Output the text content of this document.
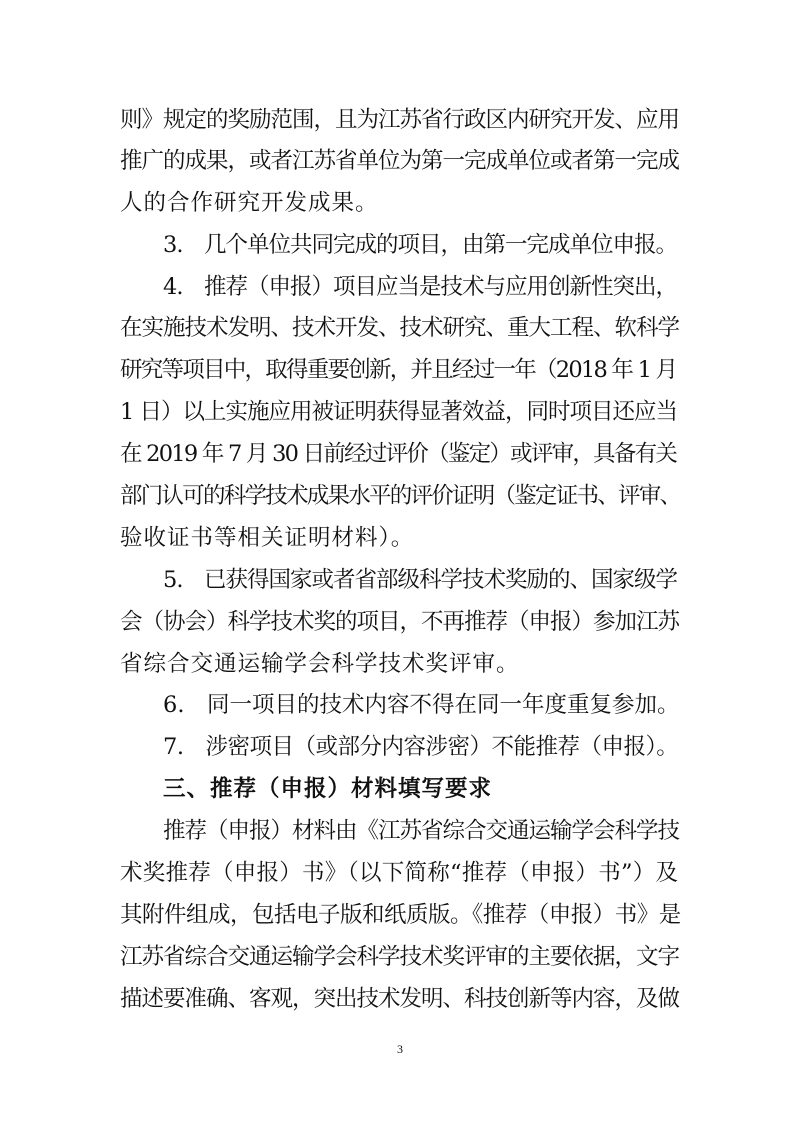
则》规定的奖励范围，且为江苏省行政区内研究开发、应用
推广的成果，或者江苏省单位为第一完成单位或者第一完成
人的合作研究开发成果。
3.　几个单位共同完成的项目，由第一完成单位申报。
4.　推荐（申报）项目应当是技术与应用创新性突出，
在实施技术发明、技术开发、技术研究、重大工程、软科学
研究等项目中，取得重要创新，并且经过一年（2018 年 1 月
1 日）以上实施应用被证明获得显著效益，同时项目还应当
在 2019 年 7 月 30 日前经过评价（鉴定）或评审，具备有关
部门认可的科学技术成果水平的评价证明（鉴定证书、评审、
验收证书等相关证明材料）。
5.　已获得国家或者省部级科学技术奖励的、国家级学
会（协会）科学技术奖的项目，不再推荐（申报）参加江苏
省综合交通运输学会科学技术奖评审。
6.　同一项目的技术内容不得在同一年度重复参加。
7.　涉密项目（或部分内容涉密）不能推荐（申报）。
三、推荐（申报）材料填写要求
推荐（申报）材料由《江苏省综合交通运输学会科学技
术奖推荐（申报）书》（以下简称“推荐（申报）书”）及
其附件组成，包括电子版和纸质版。《推荐（申报）书》是
江苏省综合交通运输学会科学技术奖评审的主要依据，文字
描述要准确、客观，突出技术发明、科技创新等内容，及做
3
